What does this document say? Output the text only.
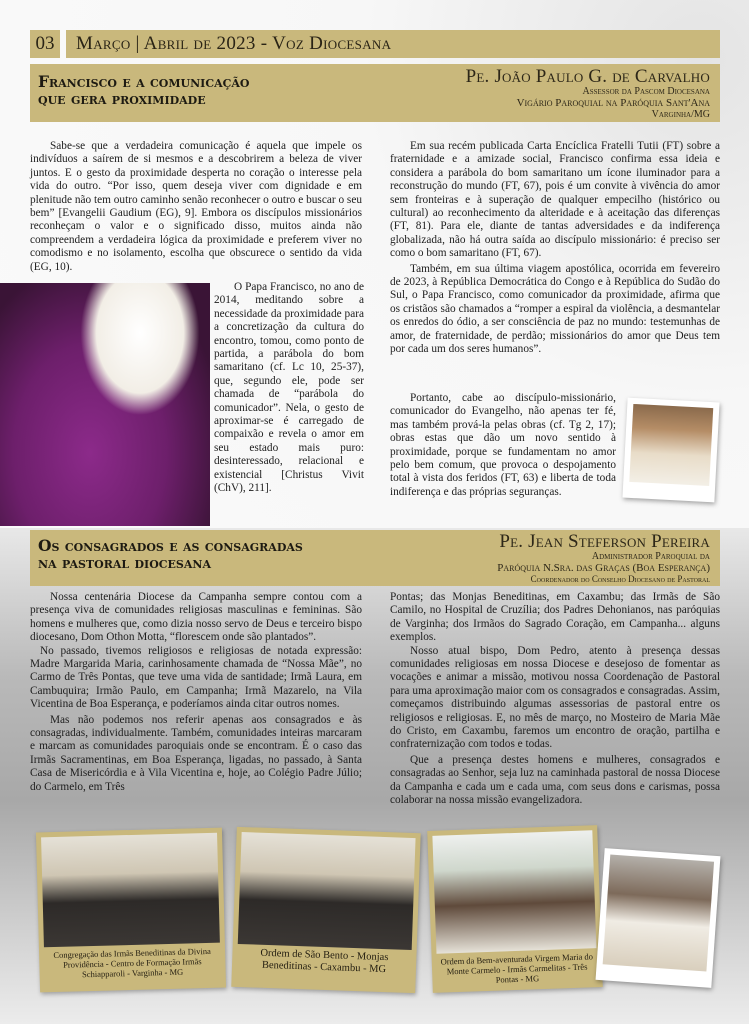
03	Março | Abril de 2023 - Voz Diocesana
Francisco e a comunicação
que gera proximidade
Pe. João Paulo G. de Carvalho
Assessor da Pascom Diocesana
Vigário Paroquial na Paróquia Sant'Ana
Varginha/MG

Sabe-se que a verdadeira comunicação é aquela que impele os indivíduos a saírem de si mesmos e a descobrirem a beleza de viver juntos. E o gesto da proximidade desperta no coração o interesse pela vida do outro. “Por isso, quem deseja viver com dignidade e em plenitude não tem outro caminho senão reconhecer o outro e buscar o seu bem” [Evangelii Gaudium (EG), 9]. Embora os discípulos missionários reconheçam o valor e o significado disso, muitos ainda não compreendem a verdadeira lógica da proximidade e preferem viver no comodismo e no isolamento, escolha que obscurece o sentido da vida (EG, 10).

O Papa Francisco, no ano de 2014, meditando sobre a necessidade da proximidade para a concretização da cultura do encontro, tomou, como ponto de partida, a parábola do bom samaritano (cf. Lc 10, 25-37), que, segundo ele, pode ser chamada de “parábola do comunicador”. Nela, o gesto de aproximar-se é carregado de compaixão e revela o amor em seu estado mais puro: desinteressado, relacional e existencial [Christus Vivit (ChV), 211].

Em sua recém publicada Carta Encíclica Fratelli Tutii (FT) sobre a fraternidade e a amizade social, Francisco confirma essa ideia e considera a parábola do bom samaritano um ícone iluminador para a reconstrução do mundo (FT, 67), pois é um convite à vivência do amor sem fronteiras e à superação de qualquer empecilho (histórico ou cultural) ao reconhecimento da alteridade e à aceitação das diferenças (FT, 81). Para ele, diante de tantas adversidades e da indiferença globalizada, não há outra saída ao discípulo missionário: é preciso ser como o bom samaritano (FT, 67).

Também, em sua última viagem apostólica, ocorrida em fevereiro de 2023, à República Democrática do Congo e à República do Sudão do Sul, o Papa Francisco, como comunicador da proximidade, afirma que os cristãos são chamados a “romper a espiral da violência, a desmantelar os enredos do ódio, a ser consciência de paz no mundo: testemunhas de amor, de fraternidade, de perdão; missionários do amor que Deus tem por cada um dos seres humanos”.

Portanto, cabe ao discípulo-missionário, comunicador do Evangelho, não apenas ter fé, mas também prová-la pelas obras (cf. Tg 2, 17); obras estas que dão um novo sentido à proximidade, porque se fundamentam no amor pelo bem comum, que provoca o despojamento total à vista dos feridos (FT, 63) e liberta de toda indiferença e das próprias seguranças.

Os consagrados e as consagradas
na pastoral diocesana
Pe. Jean Steferson Pereira
Administrador Paroquial da
Paróquia N.Sra. das Graças (Boa Esperança)
Coordenador do Conselho Diocesano de Pastoral

Nossa centenária Diocese da Campanha sempre contou com a presença viva de comunidades religiosas masculinas e femininas. São homens e mulheres que, como dizia nosso servo de Deus e terceiro bispo diocesano, Dom Othon Motta, “florescem onde são plantados”.

No passado, tivemos religiosos e religiosas de notada expressão: Madre Margarida Maria, carinhosamente chamada de “Nossa Mãe”, no Carmo de Três Pontas, que teve uma vida de santidade; Irmã Laura, em Cambuquira; Irmão Paulo, em Campanha; Irmã Mazarelo, na Vila Vicentina de Boa Esperança, e poderíamos ainda citar outros nomes.

Mas não podemos nos referir apenas aos consagrados e às consagradas, individualmente. Também, comunidades inteiras marcaram e marcam as comunidades paroquiais onde se encontram. É o caso das Irmãs Sacramentinas, em Boa Esperança, ligadas, no passado, à Santa Casa de Misericórdia e à Vila Vicentina e, hoje, ao Colégio Padre Júlio; do Carmelo, em Três

Pontas; das Monjas Beneditinas, em Caxambu; das Irmãs de São Camilo, no Hospital de Cruzília; dos Padres Dehonianos, nas paróquias de Varginha; dos Irmãos do Sagrado Coração, em Campanha... alguns exemplos.

Nosso atual bispo, Dom Pedro, atento à presença dessas comunidades religiosas em nossa Diocese e desejoso de fomentar as vocações e animar a missão, motivou nossa Coordenação de Pastoral para uma aproximação maior com os consagrados e consagradas. Assim, começamos distribuindo algumas assessorias de pastoral entre os religiosos e religiosas. E, no mês de março, no Mosteiro de Maria Mãe do Cristo, em Caxambu, faremos um encontro de oração, partilha e confraternização com todos e todas.

Que a presença destes homens e mulheres, consagrados e consagradas ao Senhor, seja luz na caminhada pastoral de nossa Diocese da Campanha e cada um e cada uma, com seus dons e carismas, possa colaborar na nossa missão evangelizadora.

Congregação das Irmãs Beneditinas da Divina Providência - Centro de Formação Irmãs Schiapparoli - Varginha - MG
Ordem de São Bento - Monjas Beneditinas - Caxambu - MG
Ordem da Bem-aventurada Virgem Maria do Monte Carmelo - Irmãs Carmelitas - Três Pontas - MG
